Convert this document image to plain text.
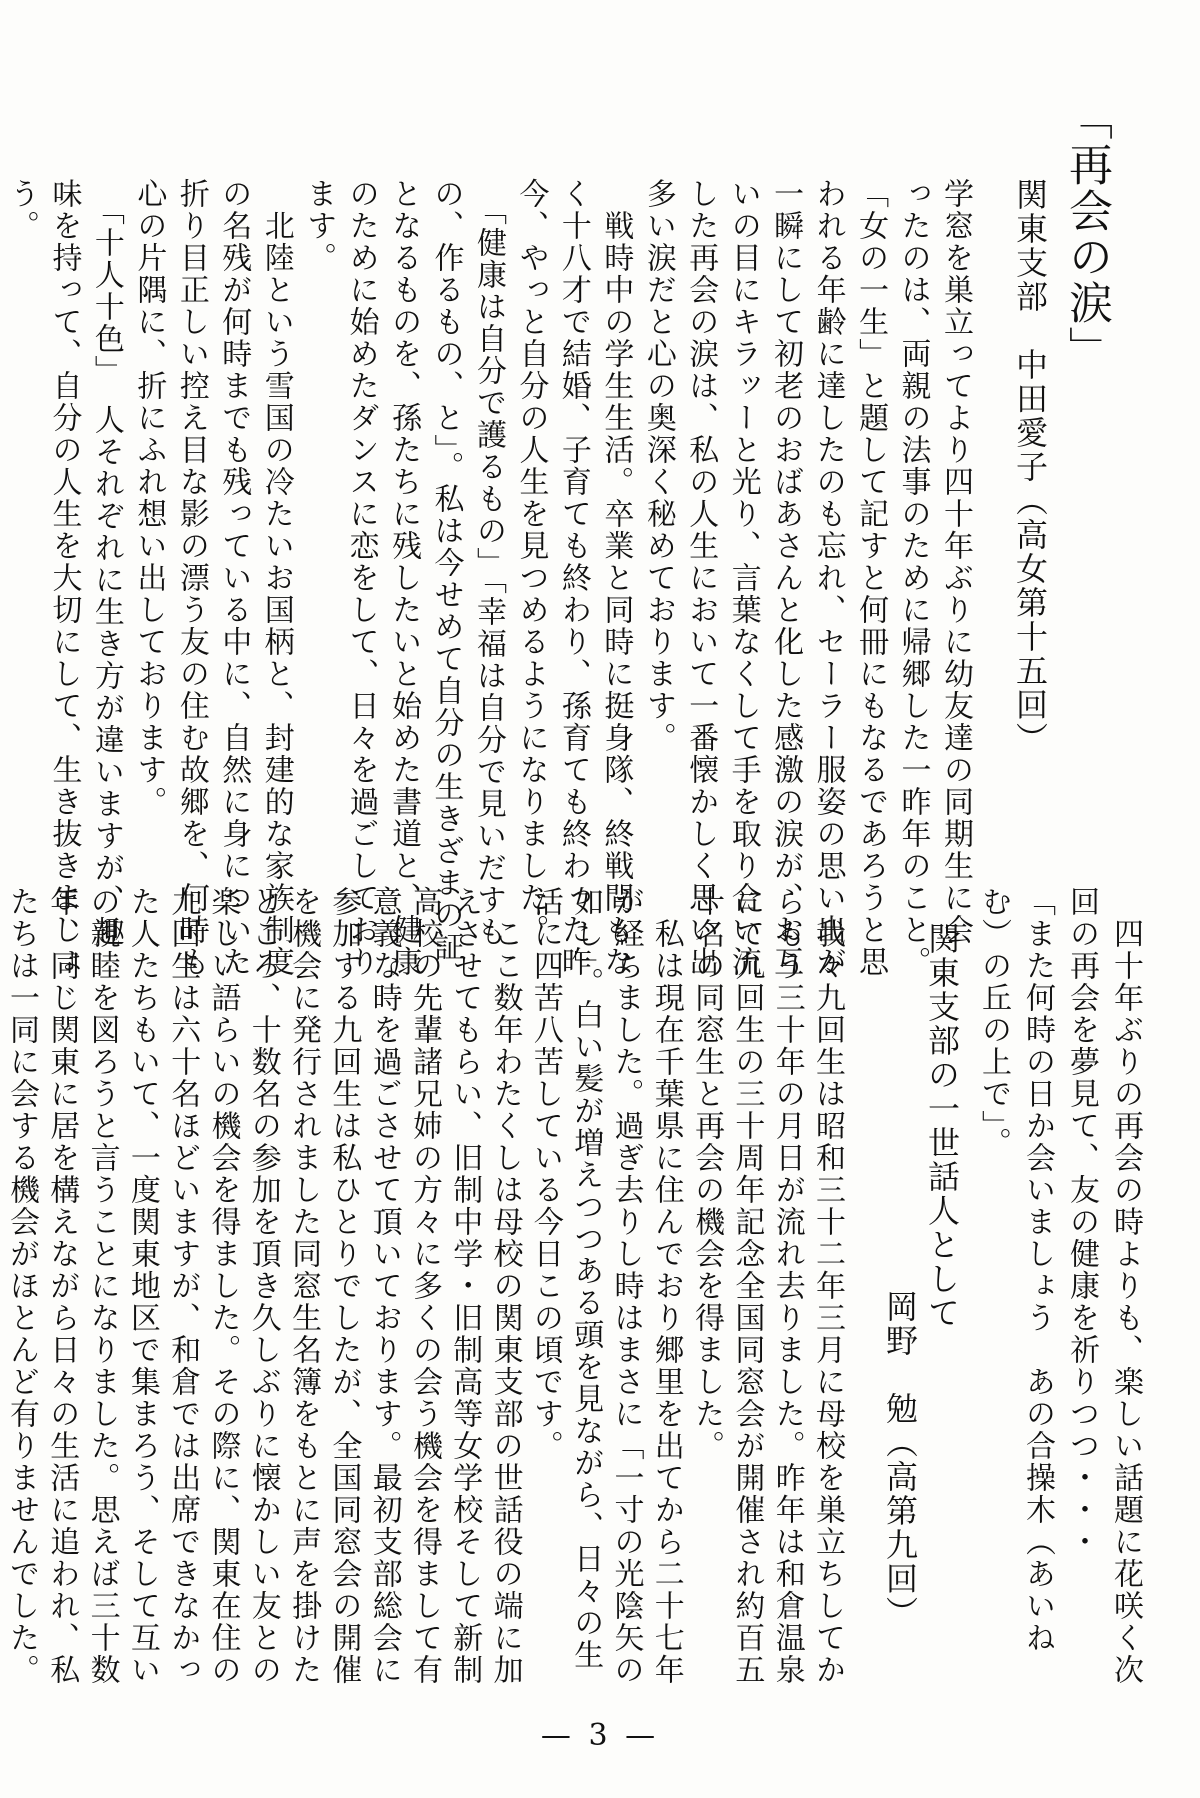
「再会の涙」
関東支部　中田愛子（高女第十五回）
学窓を巣立ってより四十年ぶりに幼友達の同期生に会
ったのは、両親の法事のために帰郷した一昨年のこと。
「女の一生」と題して記すと何冊にもなるであろうと思
われる年齢に達したのも忘れ、セーラー服姿の思い出が
一瞬にして初老のおばあさんと化した感激の涙が、お互
いの目にキラッーと光り、言葉なくして手を取り合い流
した再会の涙は、私の人生において一番懐かしく思い出
多い涙だと心の奥深く秘めております。
　戦時中の学生生活。卒業と同時に挺身隊、終戦間もな
く十八才で結婚、子育ても終わり、孫育ても終わった昨
今、やっと自分の人生を見つめるようになりました。
　「健康は自分で護るもの」「幸福は自分で見いだすも
の、作るもの、と」。私は今せめて自分の生きざまの証
となるものを、孫たちに残したいと始めた書道と、健康
のために始めたダンスに恋をして、日々を過ごしており
ます。
　北陸という雪国の冷たいお国柄と、封建的な家族制度
の名残が何時までも残っている中に、自然に身についた
折り目正しい控え目な影の漂う友の住む故郷を、何時も
心の片隅に、折にふれ想い出しております。
　「十人十色」　人それぞれに生き方が違いますが、趣
味を持って、自分の人生を大切にして、生き抜きましょ
う。
　四十年ぶりの再会の時よりも、楽しい話題に花咲く次
回の再会を夢見て、友の健康を祈りつつ・・・
「また何時の日か会いましょう　あの合操木（あいね
む）の丘の上で」。
関東支部の一世話人として
岡野　勉（高第九回）
　我々九回生は昭和三十二年三月に母校を巣立ちしてか
らもう三十年の月日が流れ去りました。昨年は和倉温泉
にて九回生の三十周年記念全国同窓会が開催され約百五
十名の同窓生と再会の機会を得ました。
　私は現在千葉県に住んでおり郷里を出てから二十七年
が経ちました。過ぎ去りし時はまさに「一寸の光陰矢の
如し」。白い髪が増えつつある頭を見ながら、日々の生
活に四苦八苦している今日この頃です。
　ここ数年わたくしは母校の関東支部の世話役の端に加
えさせてもらい、旧制中学・旧制高等女学校そして新制
高校の先輩諸兄姉の方々に多くの会う機会を得まして有
意義な時を過ごさせて頂いております。最初支部総会に
参加する九回生は私ひとりでしたが、全国同窓会の開催
を機会に発行されました同窓生名簿をもとに声を掛けた
ところ、十数名の参加を頂き久しぶりに懐かしい友との
楽しい語らいの機会を得ました。その際に、関東在住の
九回生は六十名ほどいますが、和倉では出席できなかっ
た人たちもいて、一度関東地区で集まろう、そして互い
の親睦を図ろうと言うことになりました。思えば三十数
年、同じ関東に居を構えながら日々の生活に追われ、私
たちは一同に会する機会がほとんど有りませんでした。
— 3 —
